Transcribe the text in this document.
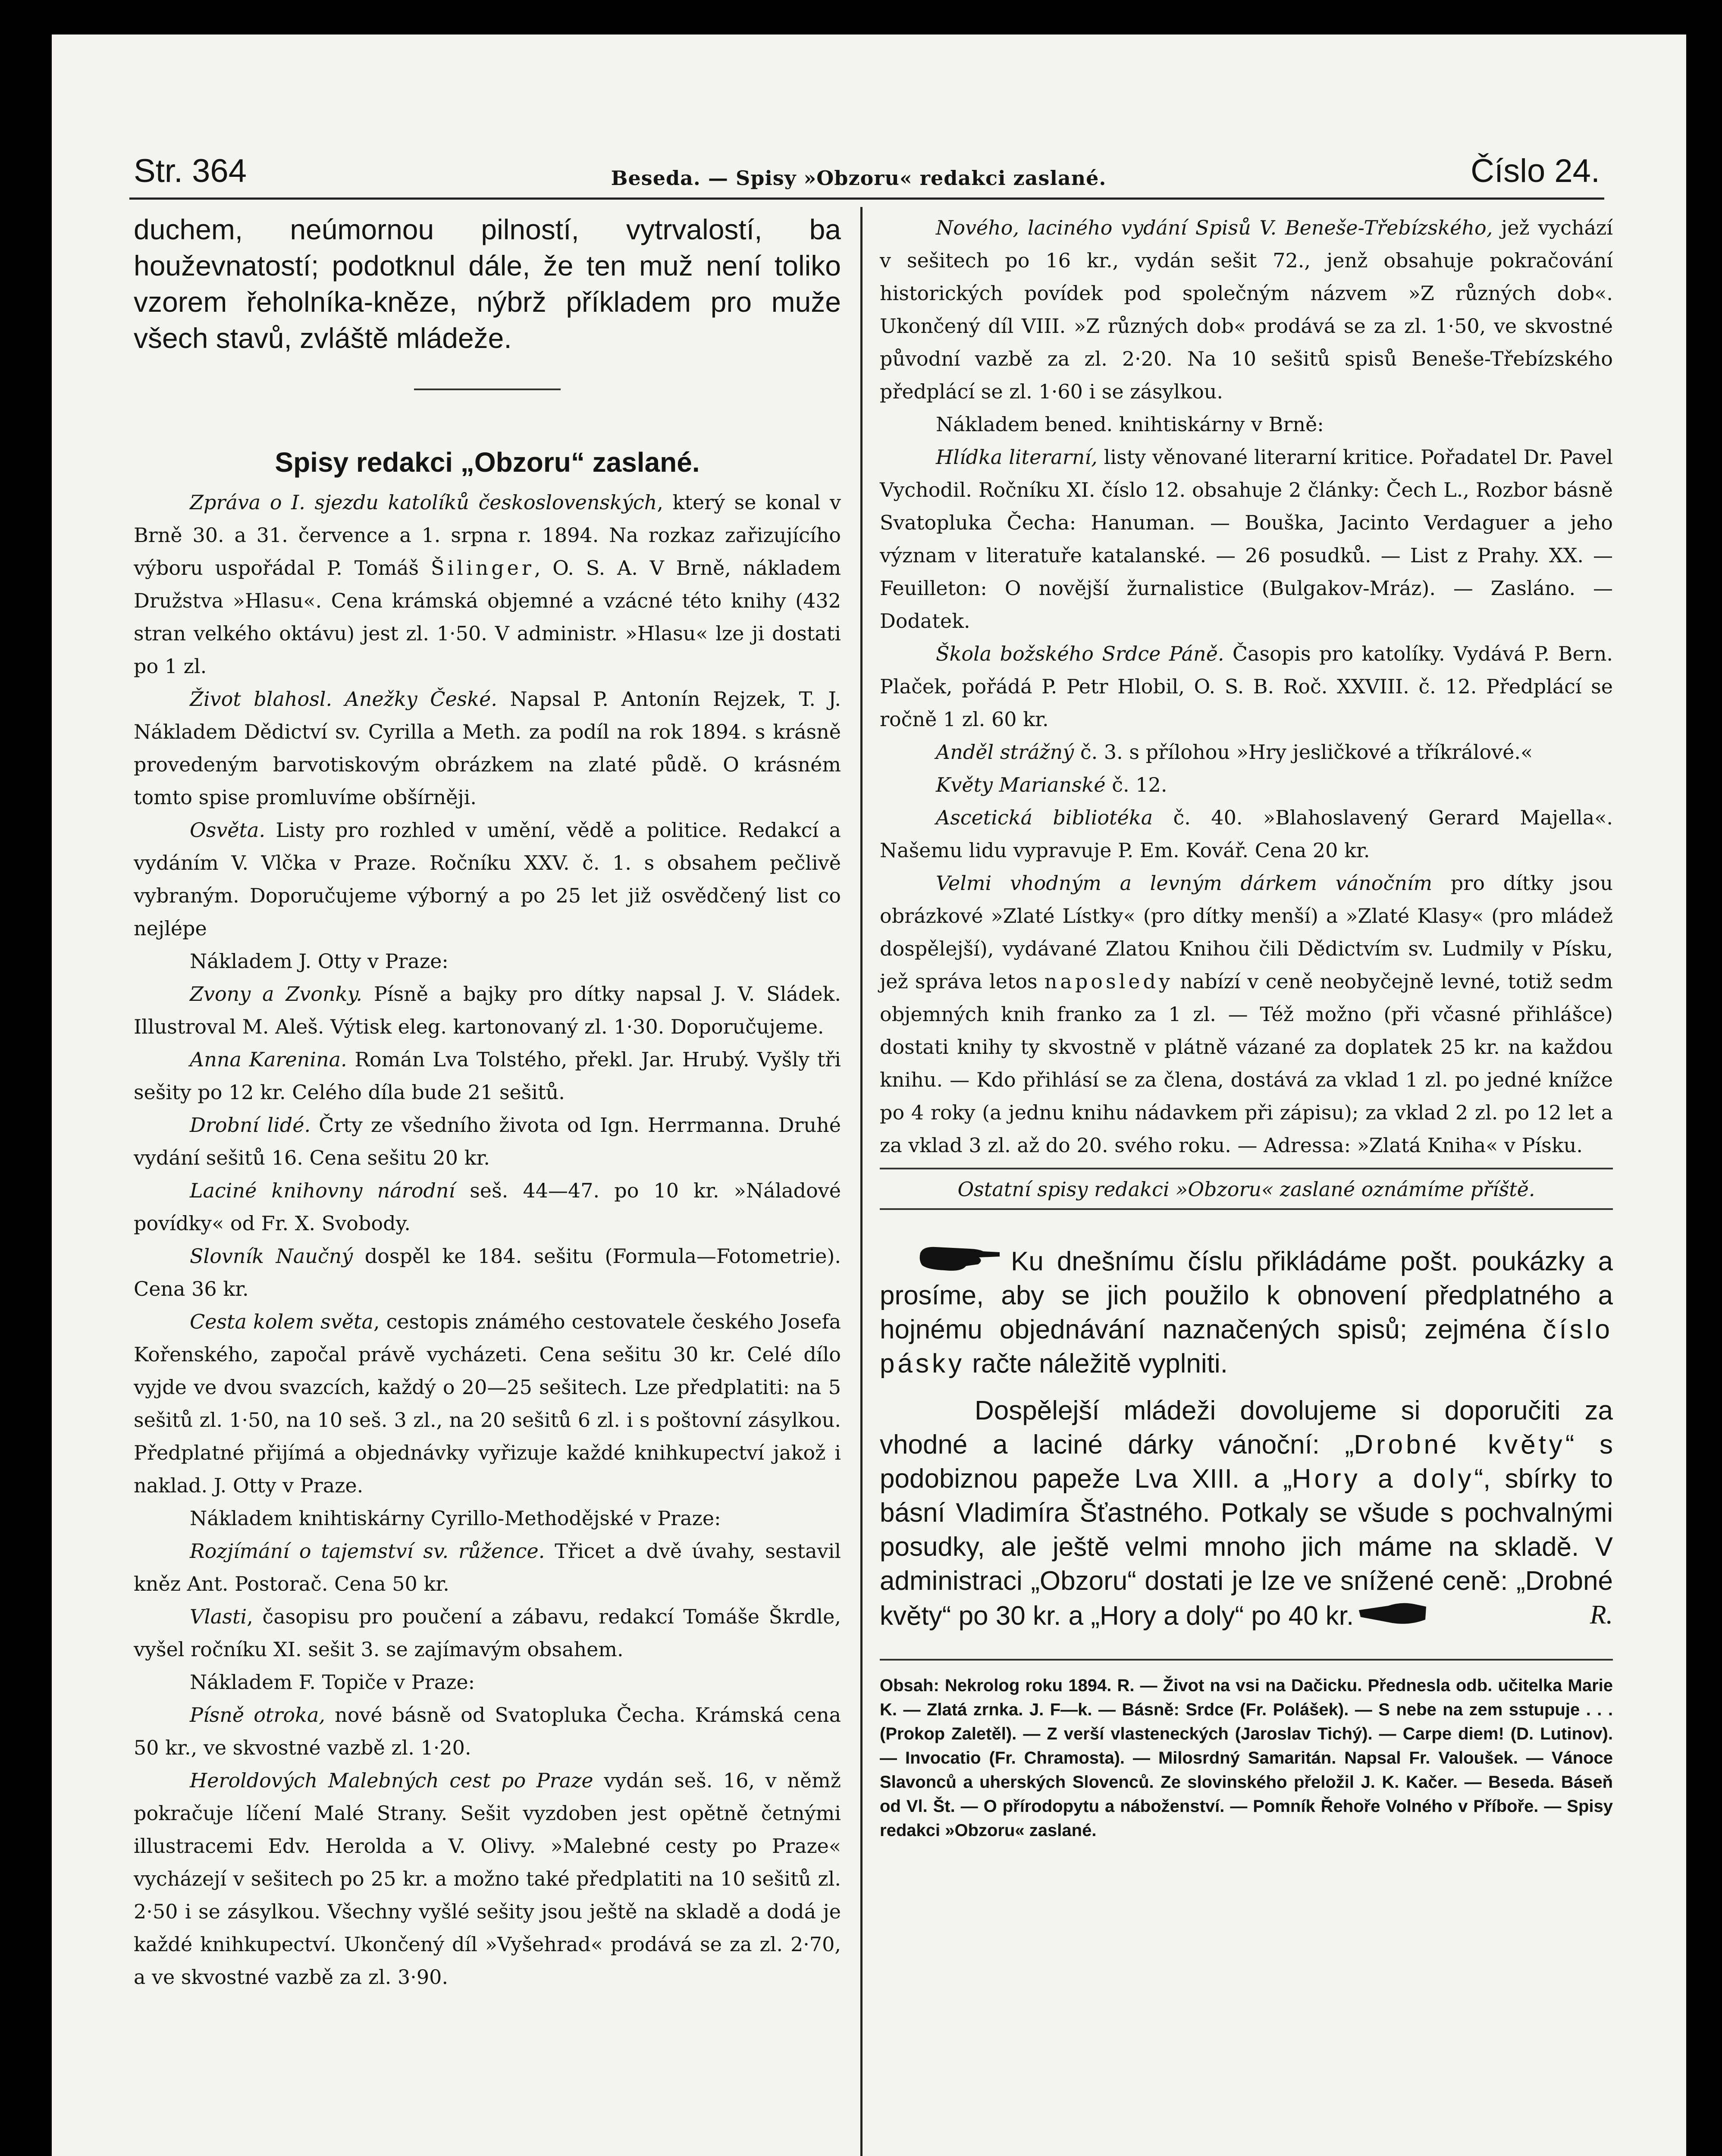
Str. 364	Beseda. — Spisy »Obzoru« redakci zaslané.	Číslo 24.

duchem, neúmornou pilností, vytrvalostí, ba houževnatostí; podotknul dále, že ten muž není toliko vzorem řeholníka-kněze, nýbrž příkladem pro muže všech stavů, zvláště mládeže.

Spisy redakci „Obzoru“ zaslané.

Zpráva o I. sjezdu katolíků československých, který se konal v Brně 30. a 31. července a 1. srpna r. 1894. Na rozkaz zařizujícího výboru uspořádal P. Tomáš Šilinger, O. S. A. V Brně, nákladem Družstva »Hlasu«. Cena krámská objemné a vzácné této knihy (432 stran velkého oktávu) jest zl. 1·50. V administr. »Hlasu« lze ji dostati po 1 zl.

Život blahosl. Anežky České. Napsal P. Antonín Rejzek, T. J. Nákladem Dědictví sv. Cyrilla a Meth. za podíl na rok 1894. s krásně provedeným barvotiskovým obrázkem na zlaté půdě. O krásném tomto spise promluvíme obšírněji.

Osvěta. Listy pro rozhled v umění, vědě a politice. Redakcí a vydáním V. Vlčka v Praze. Ročníku XXV. č. 1. s obsahem pečlivě vybraným. Doporučujeme výborný a po 25 let již osvědčený list co nejlépe

Nákladem J. Otty v Praze:

Zvony a Zvonky. Písně a bajky pro dítky napsal J. V. Sládek. Illustroval M. Aleš. Výtisk eleg. kartonovaný zl. 1·30. Doporučujeme.

Anna Karenina. Román Lva Tolstého, překl. Jar. Hrubý. Vyšly tři sešity po 12 kr. Celého díla bude 21 sešitů.

Drobní lidé. Črty ze všedního života od Ign. Herrmanna. Druhé vydání sešitů 16. Cena sešitu 20 kr.

Laciné knihovny národní seš. 44—47. po 10 kr. »Náladové povídky« od Fr. X. Svobody.

Slovník Naučný dospěl ke 184. sešitu (Formula—Fotometrie). Cena 36 kr.

Cesta kolem světa, cestopis známého cestovatele českého Josefa Kořenského, započal právě vycházeti. Cena sešitu 30 kr. Celé dílo vyjde ve dvou svazcích, každý o 20—25 sešitech. Lze předplatiti: na 5 sešitů zl. 1·50, na 10 seš. 3 zl., na 20 sešitů 6 zl. i s poštovní zásylkou. Předplatné přijímá a objednávky vyřizuje každé knihkupectví jakož i naklad. J. Otty v Praze.

Nákladem knihtiskárny Cyrillo-Methodějské v Praze:

Rozjímání o tajemství sv. růžence. Třicet a dvě úvahy, sestavil kněz Ant. Postorač. Cena 50 kr.

Vlasti, časopisu pro poučení a zábavu, redakcí Tomáše Škrdle, vyšel ročníku XI. sešit 3. se zajímavým obsahem.

Nákladem F. Topiče v Praze:

Písně otroka, nové básně od Svatopluka Čecha. Krámská cena 50 kr., ve skvostné vazbě zl. 1·20.

Heroldových Malebných cest po Praze vydán seš. 16, v němž pokračuje líčení Malé Strany. Sešit vyzdoben jest opětně četnými illustracemi Edv. Herolda a V. Olivy. »Malebné cesty po Praze« vycházejí v sešitech po 25 kr. a možno také předplatiti na 10 sešitů zl. 2·50 i se zásylkou. Všechny vyšlé sešity jsou ještě na skladě a dodá je každé knihkupectví. Ukončený díl »Vyšehrad« prodává se za zl. 2·70, a ve skvostné vazbě za zl. 3·90.

Nového, laciného vydání Spisů V. Beneše-Třebízského, jež vychází v sešitech po 16 kr., vydán sešit 72., jenž obsahuje pokračování historických povídek pod společným názvem »Z různých dob«. Ukončený díl VIII. »Z různých dob« prodává se za zl. 1·50, ve skvostné původní vazbě za zl. 2·20. Na 10 sešitů spisů Beneše-Třebízského předplácí se zl. 1·60 i se zásylkou.

Nákladem bened. knihtiskárny v Brně:

Hlídka literarní, listy věnované literarní kritice. Pořadatel Dr. Pavel Vychodil. Ročníku XI. číslo 12. obsahuje 2 články: Čech L., Rozbor básně Svatopluka Čecha: Hanuman. — Bouška, Jacinto Verdaguer a jeho význam v literatuře katalanské. — 26 posudků. — List z Prahy. XX. — Feuilleton: O novější žurnalistice (Bulgakov-Mráz). — Zasláno. — Dodatek.

Škola božského Srdce Páně. Časopis pro katolíky. Vydává P. Bern. Plaček, pořádá P. Petr Hlobil, O. S. B. Roč. XXVIII. č. 12. Předplácí se ročně 1 zl. 60 kr.

Anděl strážný č. 3. s přílohou »Hry jesličkové a tříkrálové.«

Květy Marianské č. 12.

Ascetická bibliotéka č. 40. »Blahoslavený Gerard Majella«. Našemu lidu vypravuje P. Em. Kovář. Cena 20 kr.

Velmi vhodným a levným dárkem vánočním pro dítky jsou obrázkové »Zlaté Lístky« (pro dítky menší) a »Zlaté Klasy« (pro mládež dospělejší), vydávané Zlatou Knihou čili Dědictvím sv. Ludmily v Písku, jež správa letos naposledy nabízí v ceně neobyčejně levné, totiž sedm objemných knih franko za 1 zl. — Též možno (při včasné přihlášce) dostati knihy ty skvostně v plátně vázané za doplatek 25 kr. na každou knihu. — Kdo přihlásí se za člena, dostává za vklad 1 zl. po jedné knížce po 4 roky (a jednu knihu nádavkem při zápisu); za vklad 2 zl. po 12 let a za vklad 3 zl. až do 20. svého roku. — Adressa: »Zlatá Kniha« v Písku.

Ostatní spisy redakci »Obzoru« zaslané oznámíme příště.

Ku dnešnímu číslu přikládáme pošt. poukázky a prosíme, aby se jich použilo k obnovení předplatného a hojnému objednávání naznačených spisů; zejména číslo pásky račte náležitě vyplniti.

Dospělejší mládeži dovolujeme si doporučiti za vhodné a laciné dárky vánoční: „Drobné květy“ s podobiznou papeže Lva XIII. a „Hory a doly“, sbírky to básní Vladimíra Šťastného. Potkaly se všude s pochvalnými posudky, ale ještě velmi mnoho jich máme na skladě. V administraci „Obzoru“ dostati je lze ve snížené ceně: „Drobné květy“ po 30 kr. a „Hory a doly“ po 40 kr.	R.

Obsah: Nekrolog roku 1894. R. — Život na vsi na Dačicku. Přednesla odb. učitelka Marie K. — Zlatá zrnka. J. F—k. — Básně: Srdce (Fr. Polášek). — S nebe na zem sstupuje . . . (Prokop Zaletěl). — Z verší vlasteneckých (Jaroslav Tichý). — Carpe diem! (D. Lutinov). — Invocatio (Fr. Chramosta). — Milosrdný Samaritán. Napsal Fr. Valoušek. — Vánoce Slavonců a uherských Slovenců. Ze slovinského přeložil J. K. Kačer. — Beseda. Báseň od Vl. Št. — O přírodopytu a náboženství. — Pomník Řehoře Volného v Příboře. — Spisy redakci »Obzoru« zaslané.
